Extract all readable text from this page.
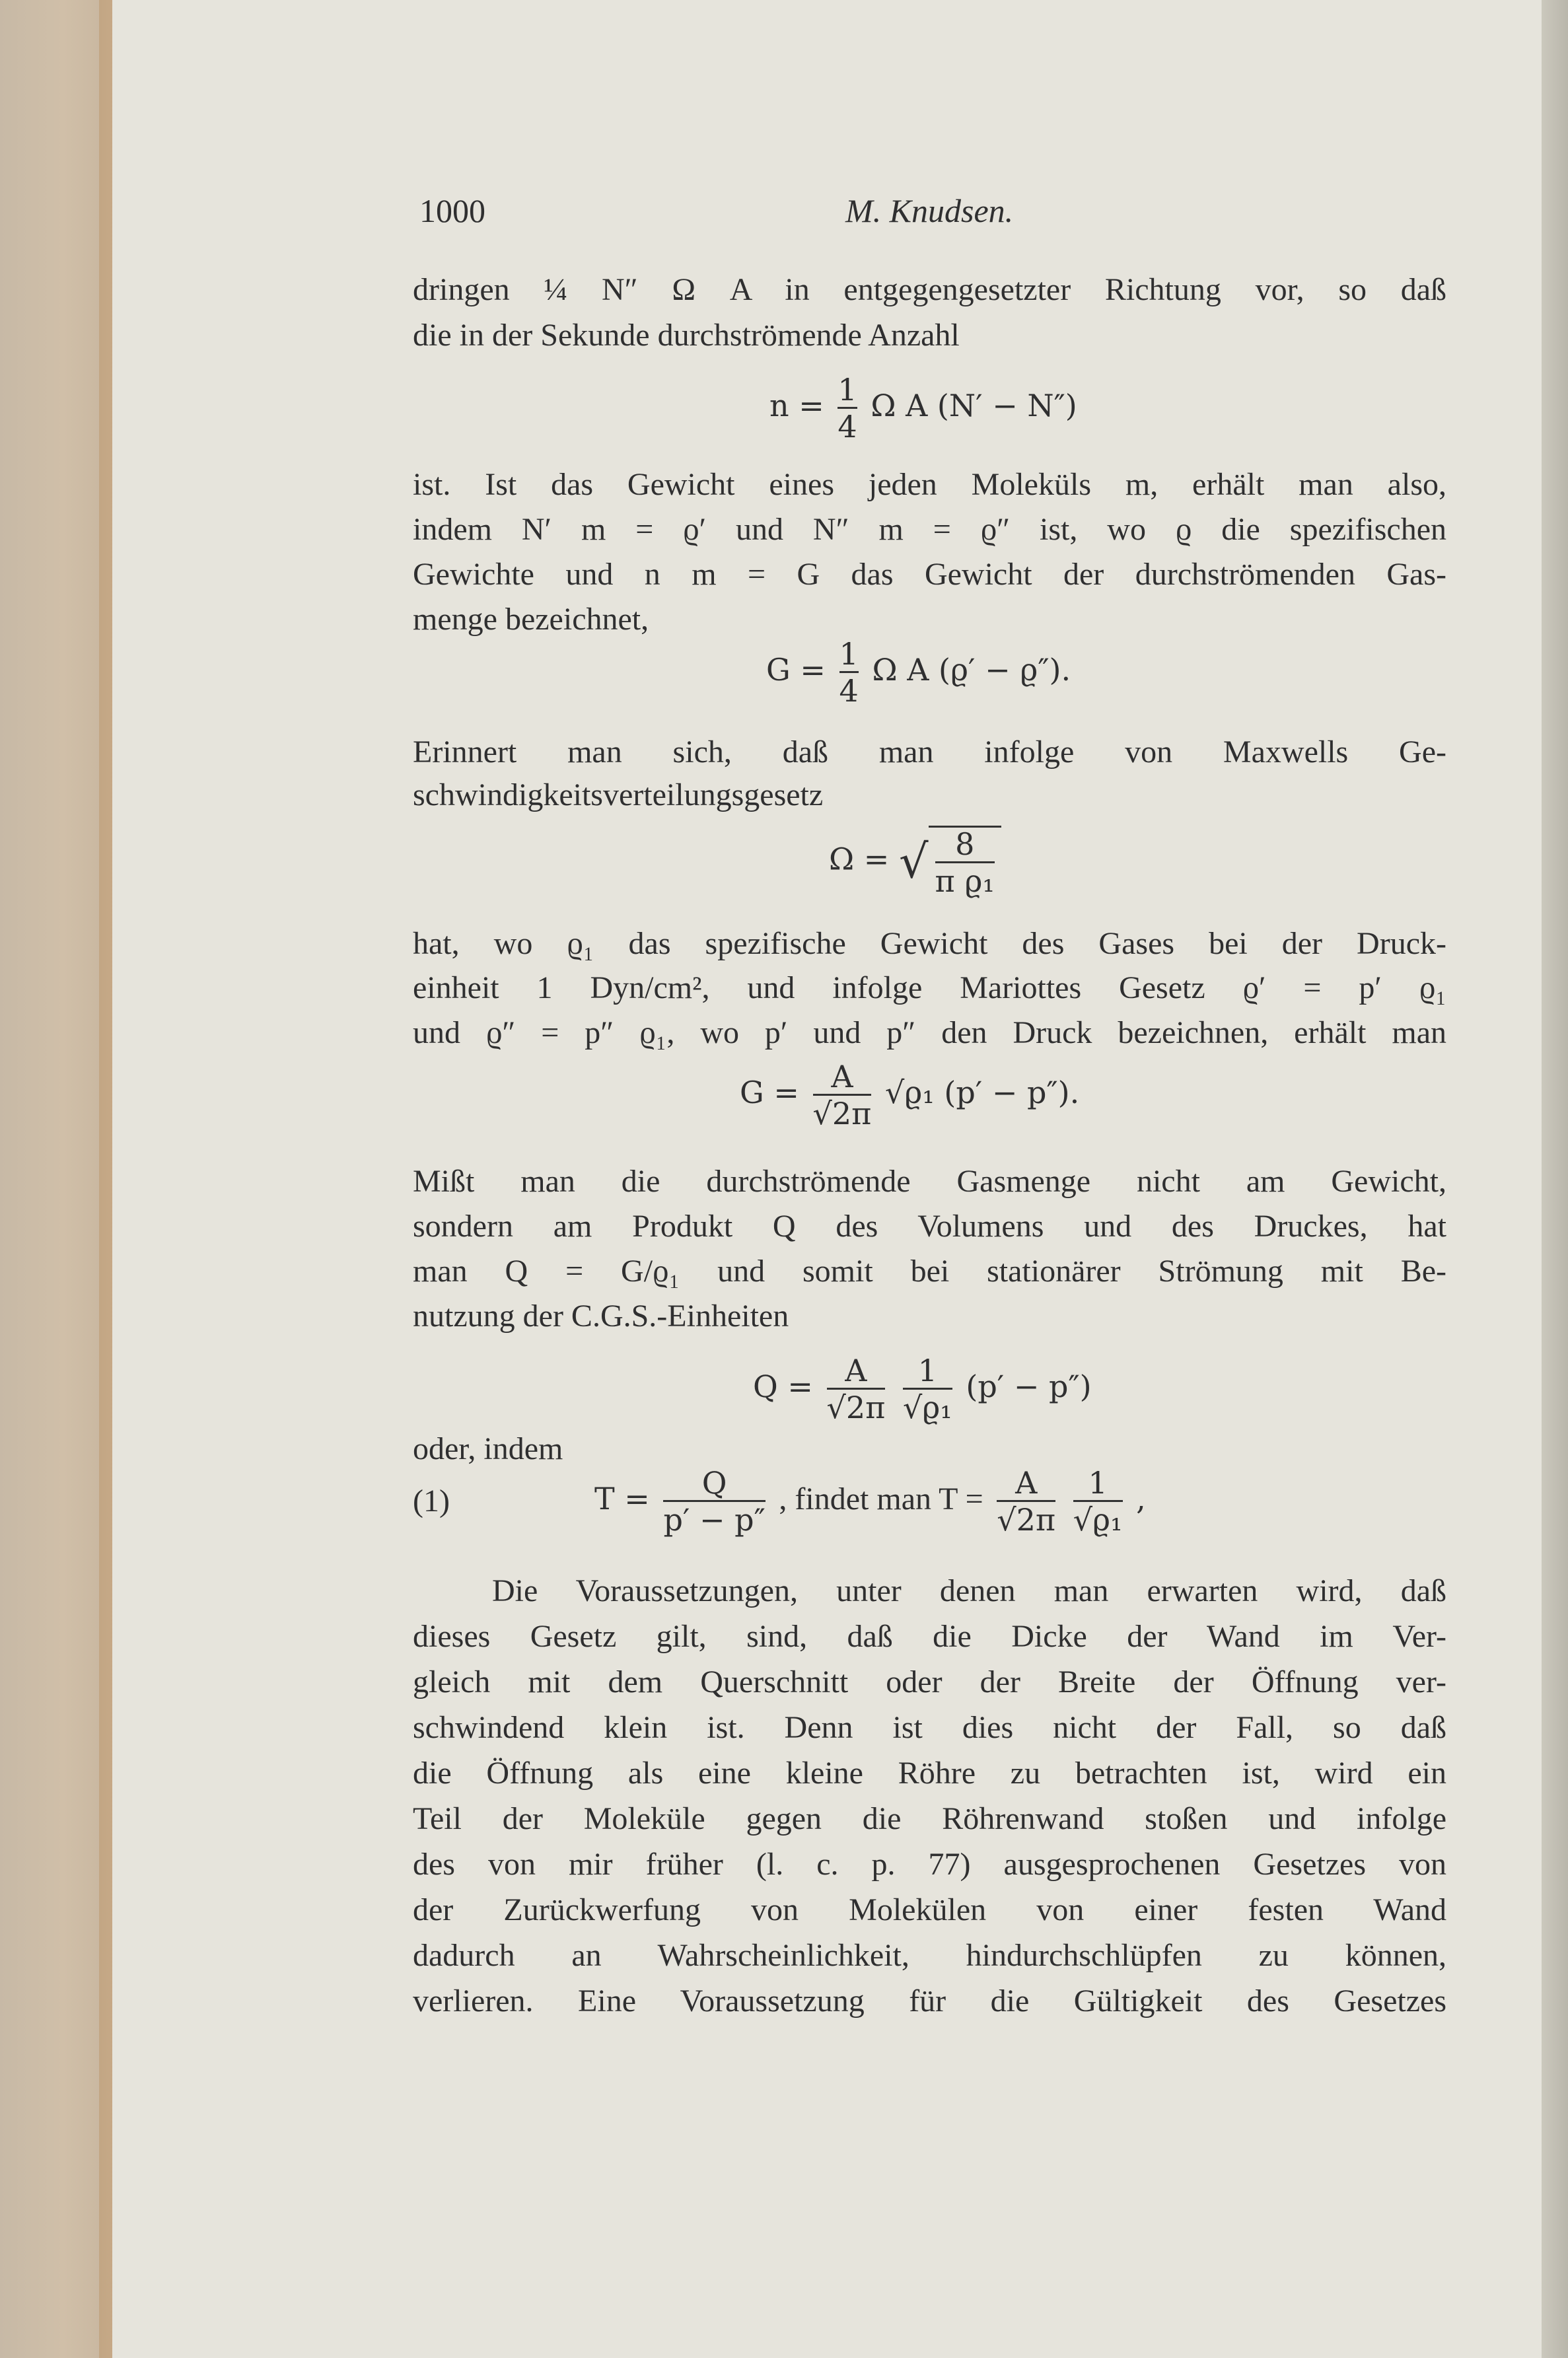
1000	M. Knudsen.
dringen ¼ N″ Ω A in entgegengesetzter Richtung vor, so daß
die in der Sekunde durchströmende Anzahl
$n = \frac{1}{4}$ Ω A (N′ − N″)
ist. Ist das Gewicht eines jeden Moleküls m, erhält man also,
indem N′ m = ϱ′ und N″ m = ϱ″ ist, wo ϱ die spezifischen
Gewichte und n m = G das Gewicht der durchströmenden Gas-
menge bezeichnet,
$G = \frac{1}{4}$ Ω A (ϱ′ − ϱ″).
Erinnert man sich, daß man infolge von Maxwells Ge-
schwindigkeitsverteilungsgesetz
Ω = √ $\frac{8}{\text{π ϱ₁}}$
hat, wo ϱ₁ das spezifische Gewicht des Gases bei der Druck-
einheit 1 Dyn/cm², und infolge Mariottes Gesetz ϱ′ = p′ ϱ₁
und ϱ″ = p″ ϱ₁, wo p′ und p″ den Druck bezeichnen, erhält man
$G = \frac{A}{√2\pi} √ϱ_1$ (p′ − p″).
Mißt man die durchströmende Gasmenge nicht am Gewicht,
sondern am Produkt Q des Volumens und des Druckes, hat
man Q = G/ϱ₁ und somit bei stationärer Strömung mit Be-
nutzung der C.G.S.-Einheiten
$Q = \frac{A}{√2\pi}$
$\frac{1}{\text{√ϱ₁}} (p' - p'')$
oder, indem
(1)	$T = \frac{Q}{p' - p''}$ , findet man $T = \frac{A}{√2\pi}$
$\frac{1}{\text{√ϱ₁}}$ ,
Die Voraussetzungen, unter denen man erwarten wird, daß
dieses Gesetz gilt, sind, daß die Dicke der Wand im Ver-
gleich mit dem Querschnitt oder der Breite der Öffnung ver-
schwindend klein ist. Denn ist dies nicht der Fall, so daß
die Öffnung als eine kleine Röhre zu betrachten ist, wird ein
Teil der Moleküle gegen die Röhrenwand stoßen und infolge
des von mir früher (l. c. p. 77) ausgesprochenen Gesetzes von
der Zurückwerfung von Molekülen von einer festen Wand
dadurch an Wahrscheinlichkeit, hindurchschlüpfen zu können,
verlieren. Eine Voraussetzung für die Gültigkeit des Gesetzes
